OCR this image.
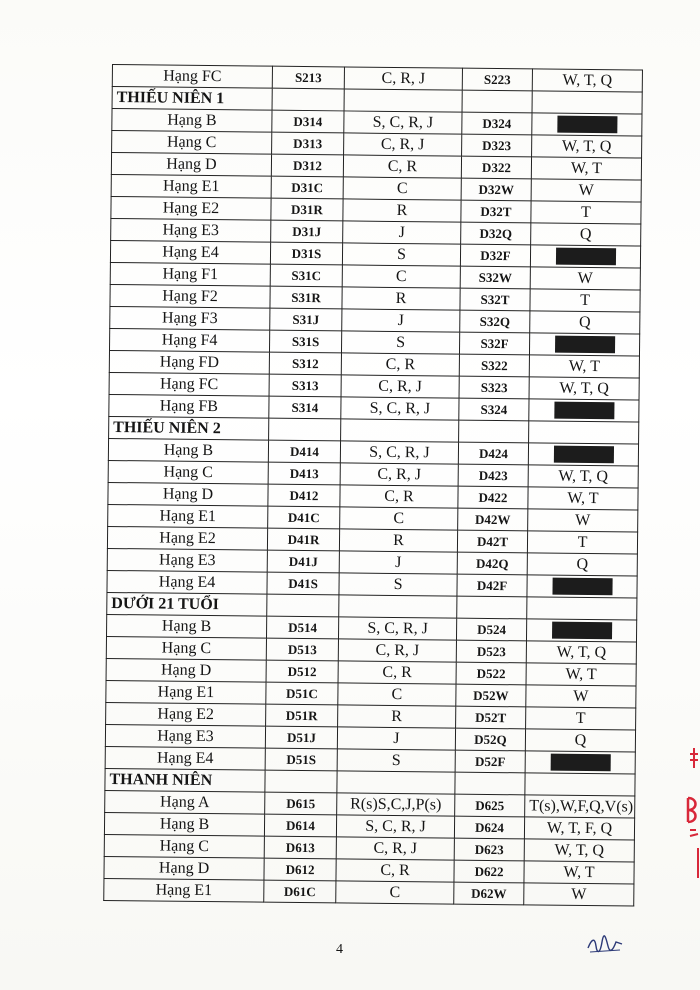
Hạng FC	S213	C, R, J	S223	W, T, Q
THIẾU NIÊN 1				
Hạng B	D314	S, C, R, J	D324	
Hạng C	D313	C, R, J	D323	W, T, Q
Hạng D	D312	C, R	D322	W, T
Hạng E1	D31C	C	D32W	W
Hạng E2	D31R	R	D32T	T
Hạng E3	D31J	J	D32Q	Q
Hạng E4	D31S	S	D32F	
Hạng F1	S31C	C	S32W	W
Hạng F2	S31R	R	S32T	T
Hạng F3	S31J	J	S32Q	Q
Hạng F4	S31S	S	S32F	
Hạng FD	S312	C, R	S322	W, T
Hạng FC	S313	C, R, J	S323	W, T, Q
Hạng FB	S314	S, C, R, J	S324	
THIẾU NIÊN 2				
Hạng B	D414	S, C, R, J	D424	
Hạng C	D413	C, R, J	D423	W, T, Q
Hạng D	D412	C, R	D422	W, T
Hạng E1	D41C	C	D42W	W
Hạng E2	D41R	R	D42T	T
Hạng E3	D41J	J	D42Q	Q
Hạng E4	D41S	S	D42F	
DƯỚI 21 TUỔI				
Hạng B	D514	S, C, R, J	D524	
Hạng C	D513	C, R, J	D523	W, T, Q
Hạng D	D512	C, R	D522	W, T
Hạng E1	D51C	C	D52W	W
Hạng E2	D51R	R	D52T	T
Hạng E3	D51J	J	D52Q	Q
Hạng E4	D51S	S	D52F	
THANH NIÊN				
Hạng A	D615	R(s)S,C,J,P(s)	D625	T(s),W,F,Q,V(s)
Hạng B	D614	S, C, R, J	D624	W, T, F, Q
Hạng C	D613	C, R, J	D623	W, T, Q
Hạng D	D612	C, R	D622	W, T
Hạng E1	D61C	C	D62W	W
4
